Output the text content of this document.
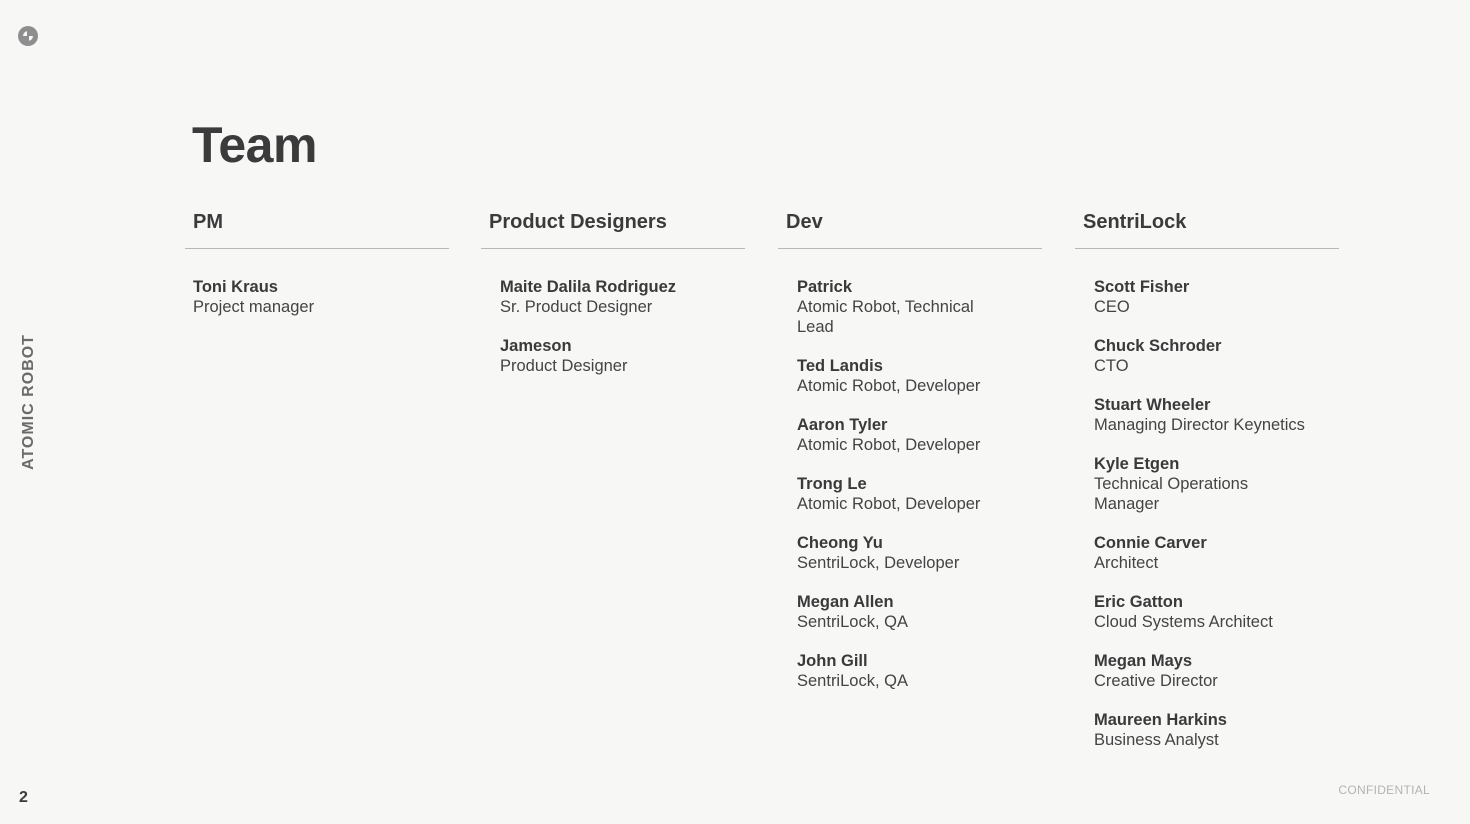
ATOMIC ROBOT
Team
PM
Toni Kraus
Project manager
Product Designers
Maite Dalila Rodriguez
Sr. Product Designer
Jameson
Product Designer
Dev
Patrick
Atomic Robot, Technical Lead
Ted Landis
Atomic Robot, Developer
Aaron Tyler
Atomic Robot, Developer
Trong Le
Atomic Robot, Developer
Cheong Yu
SentriLock, Developer
Megan Allen
SentriLock, QA
John Gill
SentriLock, QA
SentriLock
Scott Fisher
CEO
Chuck Schroder
CTO
Stuart Wheeler
Managing Director Keynetics
Kyle Etgen
Technical Operations Manager
Connie Carver
Architect
Eric Gatton
Cloud Systems Architect
Megan Mays
Creative Director
Maureen Harkins
Business Analyst
2	CONFIDENTIAL
